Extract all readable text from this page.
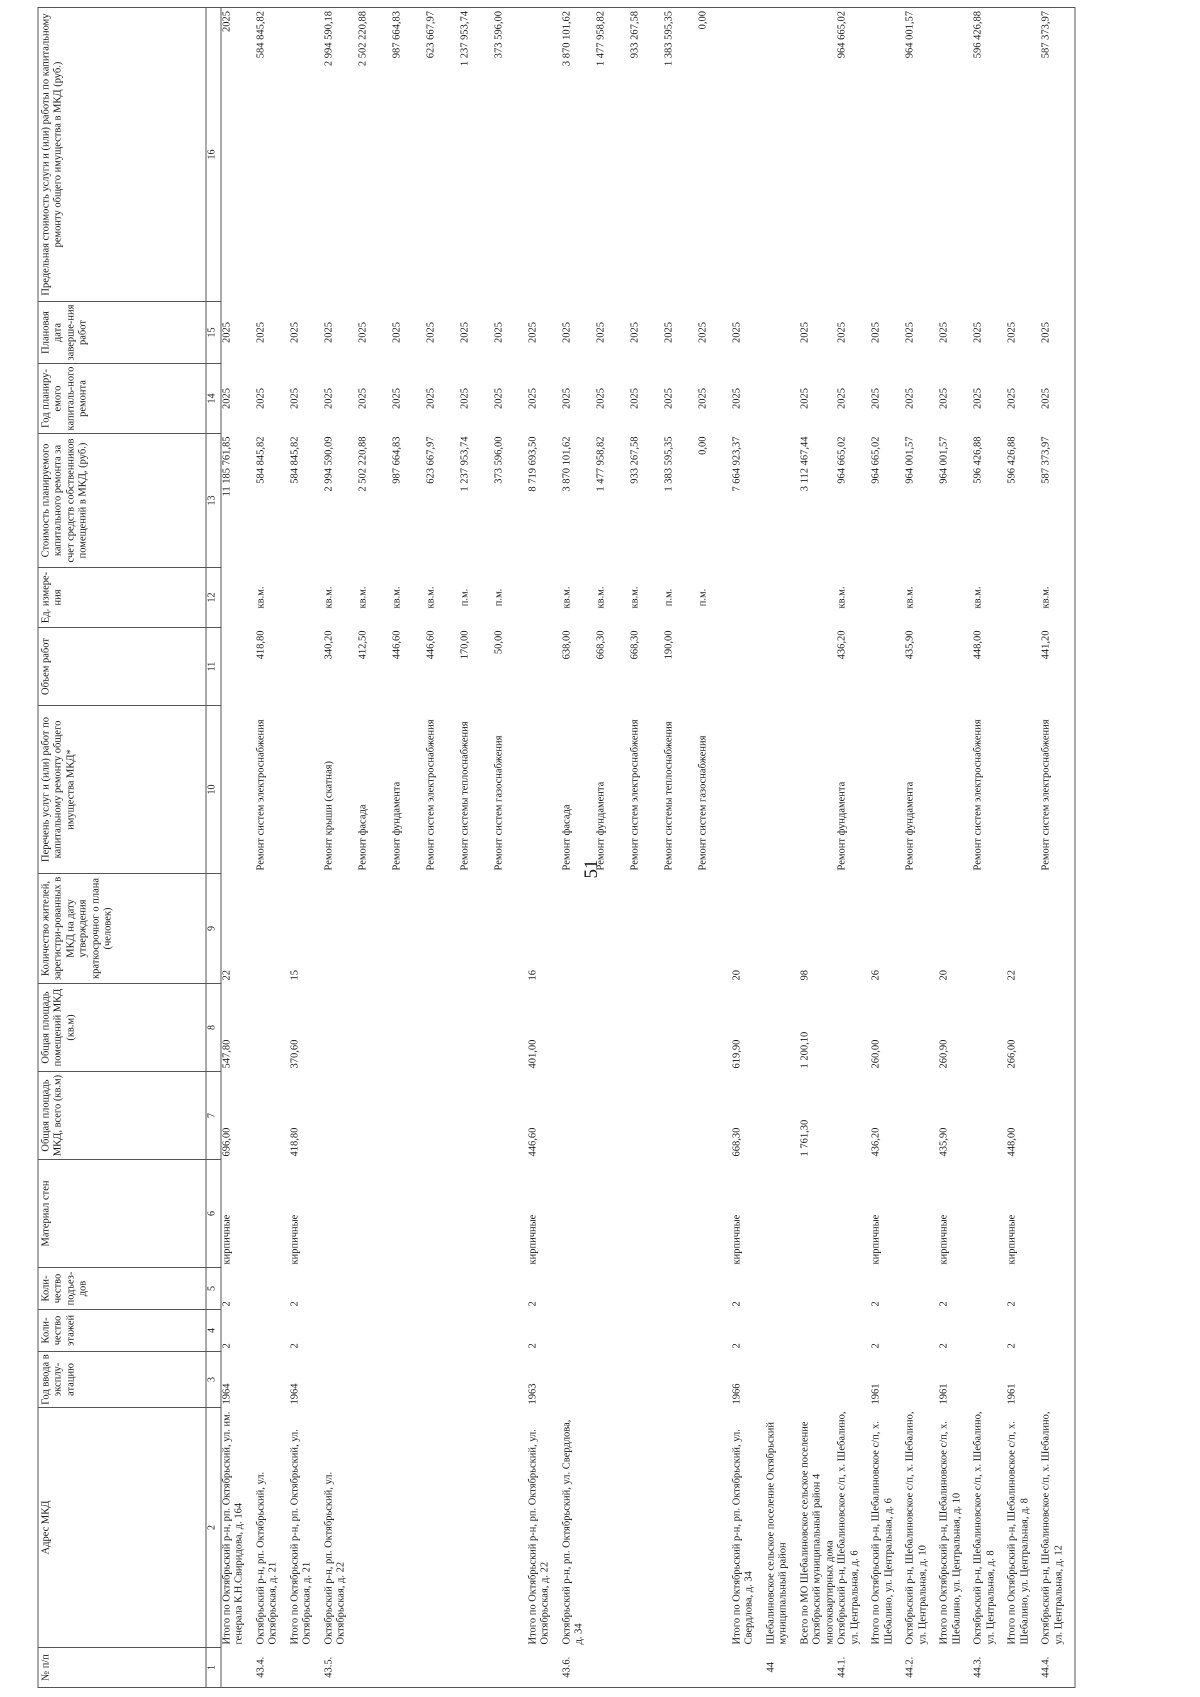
51
№ п/п	Адрес МКД	Год ввода в эксплу-атацию	Коли-чество этажей	Коли-чество подъез-дов	Материал стен	Общая площадь МКД, всего (кв.м)	Общая площадь помещений МКД (кв.м)	Количество жителей, зарегистри-рованных в МКД на дату утверждения краткосрочног о плана (человек)	Перечень услуг и (или) работ по капитальному ремонту общего имущества МКД*	Объем работ	Ед. измере-ния	Стоимость планируемого капитального ремонта за счет средств собственников помещений в МКД, (руб.)	Год планиру-емого капиталь-ного ремонта	Плановая дата заверше-ния работ	Предельная стоимость услуги и (или) работы по капитальному ремонту общего имущества в МКД (руб.)
1	2	3	4	5	6	7	8	9	10	11	12	13	14	15	16
	Итого по Октябрьский р-н, рп. Октябрьский, ул. им. генерала К.Н.Свиридова, д. 164	1964	2	2	кирпичные	696,00	547,80	22				11 185 761,85	2025	2025	2025
43.4.	Октябрьский р-н, рп. Октябрьский, ул. Октябрьская, д. 21								Ремонт систем электроснабжения	418,80	кв.м.	584 845,82	2025	2025	584 845,82
	Итого по Октябрьский р-н, рп. Октябрьский, ул. Октябрьская, д. 21	1964	2	2	кирпичные	418,80	370,60	15				584 845,82	2025	2025	
43.5.	Октябрьский р-н, рп. Октябрьский, ул. Октябрьская, д. 22								Ремонт крыши (скатная)	340,20	кв.м.	2 994 590,09	2025	2025	2 994 590,18
									Ремонт фасада	412,50	кв.м.	2 502 220,88	2025	2025	2 502 220,88
									Ремонт фундамента	446,60	кв.м.	987 664,83	2025	2025	987 664,83
									Ремонт систем электроснабжения	446,60	кв.м.	623 667,97	2025	2025	623 667,97
									Ремонт системы теплоснабжения	170,00	п.м.	1 237 953,74	2025	2025	1 237 953,74
									Ремонт систем газоснабжения	50,00	п.м.	373 596,00	2025	2025	373 596,00
	Итого по Октябрьский р-н, рп. Октябрьский, ул. Октябрьская, д. 22	1963	2	2	кирпичные	446,60	401,00	16				8 719 693,50	2025	2025	
43.6.	Октябрьский р-н, рп. Октябрьский, ул. Свердлова, д. 34								Ремонт фасада	638,00	кв.м.	3 870 101,62	2025	2025	3 870 101,62
									Ремонт фундамента	668,30	кв.м.	1 477 958,82	2025	2025	1 477 958,82
									Ремонт систем электроснабжения	668,30	кв.м.	933 267,58	2025	2025	933 267,58
									Ремонт системы теплоснабжения	190,00	п.м.	1 383 595,35	2025	2025	1 383 595,35
									Ремонт систем газоснабжения		п.м.	0,00	2025	2025	0,00
	Итого по Октябрьский р-н, рп. Октябрьский, ул. Свердлова, д. 34	1966	2	2	кирпичные	668,30	619,90	20				7 664 923,37	2025	2025	
44	Шебалиновское сельское поселение Октябрьский муниципальный район														
	Всего по МО Шебалиновское сельское поселение Октябрьский муниципальный район 4 многоквартирных дома					1 761,30	1 200,10	98				3 112 467,44	2025	2025	
44.1.	Октябрьский р-н, Шебалиновское с/п, х. Шебалино, ул. Центральная, д. 6								Ремонт фундамента	436,20	кв.м.	964 665,02	2025	2025	964 665,02
	Итого по Октябрьский р-н, Шебалиновское с/п, х. Шебалино, ул. Центральная, д. 6	1961	2	2	кирпичные	436,20	260,00	26				964 665,02	2025	2025	
44.2.	Октябрьский р-н, Шебалиновское с/п, х. Шебалино, ул. Центральная, д. 10								Ремонт фундамента	435,90	кв.м.	964 001,57	2025	2025	964 001,57
	Итого по Октябрьский р-н, Шебалиновское с/п, х. Шебалино, ул. Центральная, д. 10	1961	2	2	кирпичные	435,90	260,90	20				964 001,57	2025	2025	
44.3.	Октябрьский р-н, Шебалиновское с/п, х. Шебалино, ул. Центральная, д. 8								Ремонт систем электроснабжения	448,00	кв.м.	596 426,88	2025	2025	596 426,88
	Итого по Октябрьский р-н, Шебалиновское с/п, х. Шебалино, ул. Центральная, д. 8	1961	2	2	кирпичные	448,00	266,00	22				596 426,88	2025	2025	
44.4.	Октябрьский р-н, Шебалиновское с/п, х. Шебалино, ул. Центральная, д. 12								Ремонт систем электроснабжения	441,20	кв.м.	587 373,97	2025	2025	587 373,97
